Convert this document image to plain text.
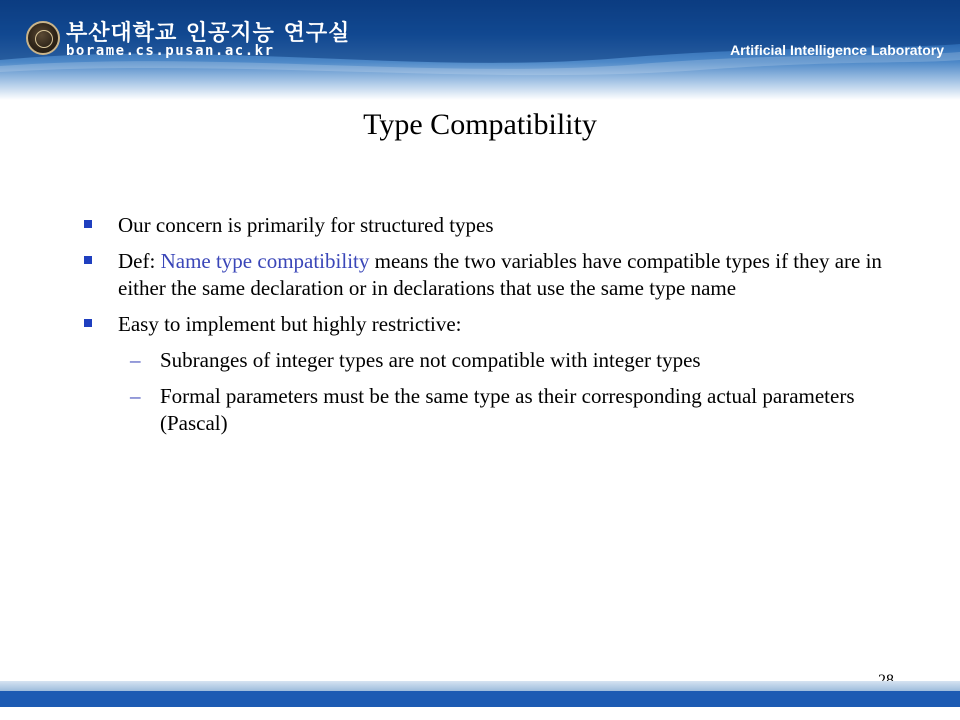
부산대학교 인공지능 연구실
borame.cs.pusan.ac.kr	Artificial Intelligence Laboratory
Type Compatibility
Our concern is primarily for structured types
Def: Name type compatibility means the two variables have compatible types if they are in either the same declaration or in declarations that use the same type name
Easy to implement but highly restrictive:
– Subranges of integer types are not compatible with integer types
– Formal parameters must be the same type as their corresponding actual parameters (Pascal)
